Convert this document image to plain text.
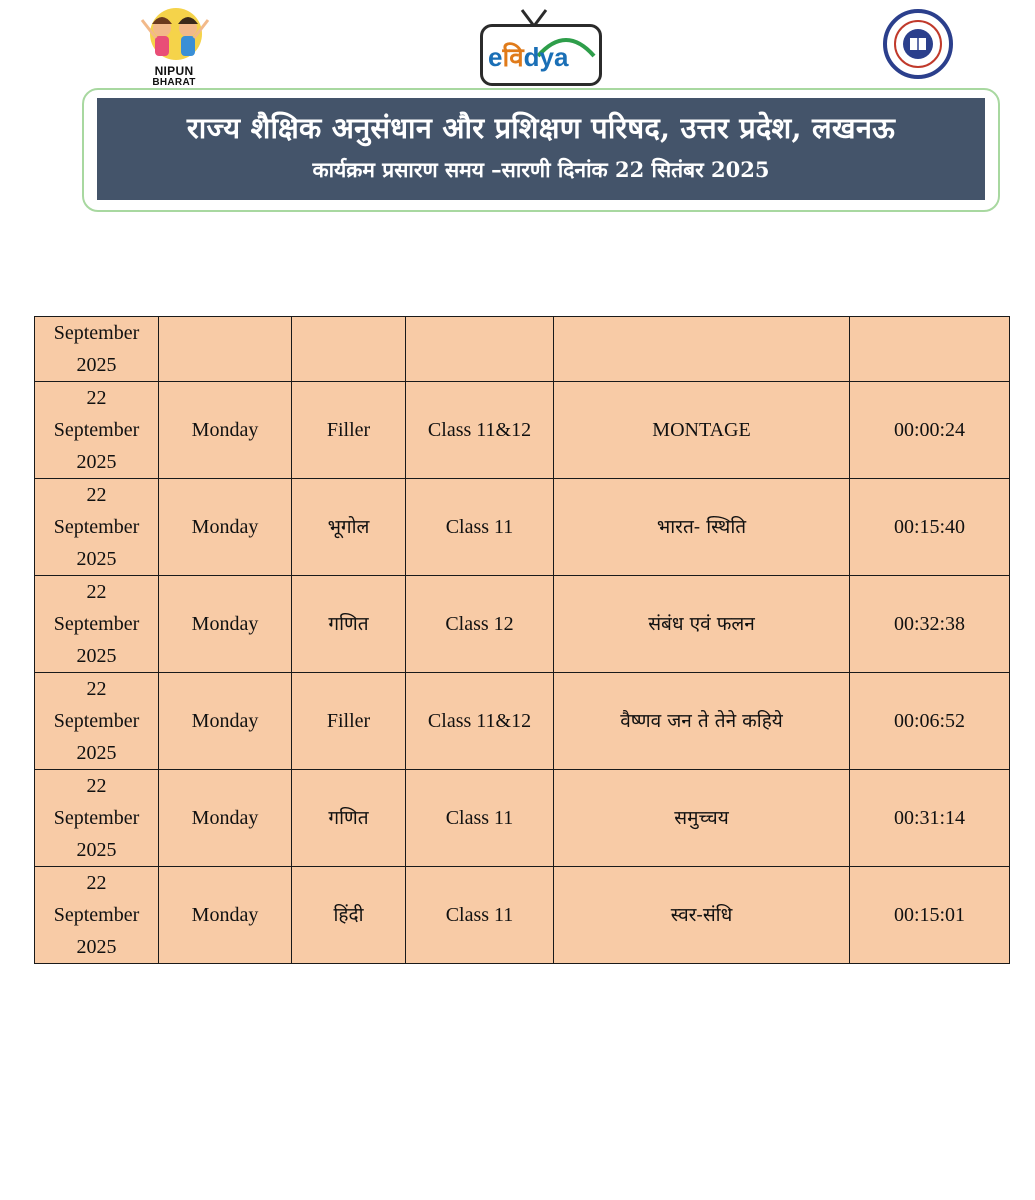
NIPUN
BHARAT
eविdya
राज्य शैक्षिक अनुसंधान और प्रशिक्षण परिषद, उत्तर प्रदेश, लखनऊ
कार्यक्रम प्रसारण समय –सारणी दिनांक 22 सितंबर 2025
September
2025					

22
September
2025	Monday	Filler	Class 11&12	MONTAGE	00:00:24

22
September
2025	Monday	भूगोल	Class 11	भारत- स्थिति	00:15:40

22
September
2025	Monday	गणित	Class 12	संबंध एवं फलन	00:32:38

22
September
2025	Monday	Filler	Class 11&12	वैष्णव जन ते तेने कहिये	00:06:52

22
September
2025	Monday	गणित	Class 11	समुच्चय	00:31:14

22
September
2025	Monday	हिंदी	Class 11	स्वर-संधि	00:15:01
